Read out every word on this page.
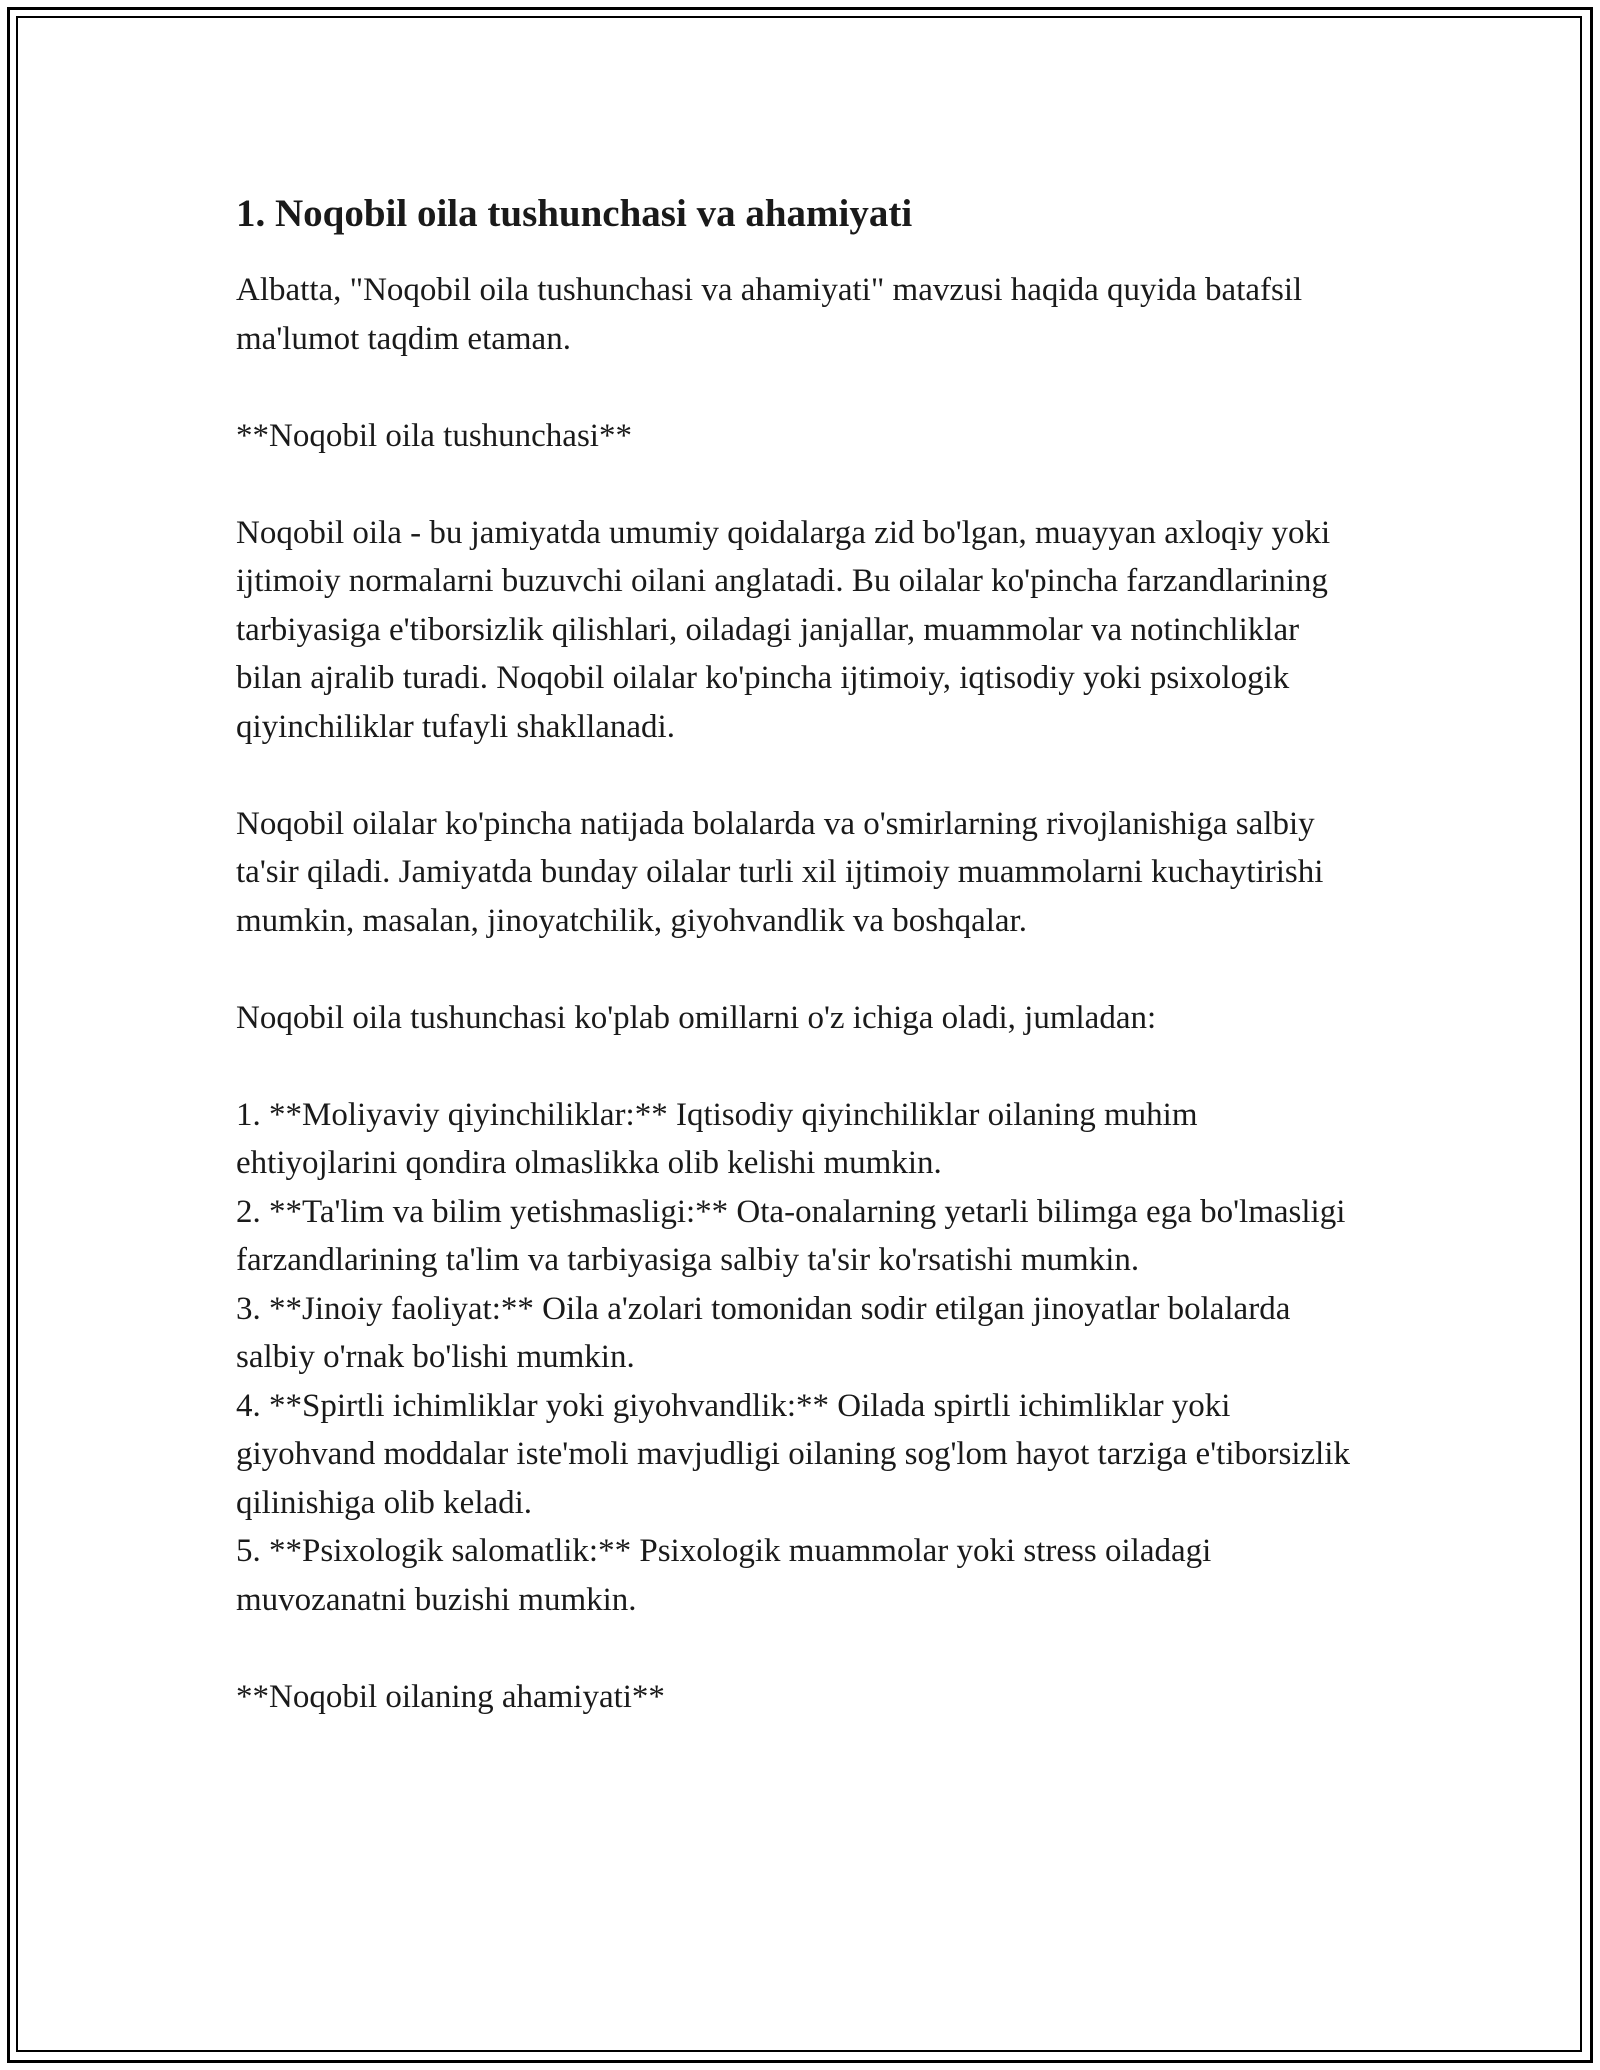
1. Noqobil oila tushunchasi va ahamiyati

Albatta, "Noqobil oila tushunchasi va ahamiyati" mavzusi haqida quyida batafsil ma'lumot taqdim etaman.

**Noqobil oila tushunchasi**

Noqobil oila - bu jamiyatda umumiy qoidalarga zid bo'lgan, muayyan axloqiy yoki ijtimoiy normalarni buzuvchi oilani anglatadi. Bu oilalar ko'pincha farzandlarining tarbiyasiga e'tiborsizlik qilishlari, oiladagi janjallar, muammolar va notinchliklar bilan ajralib turadi. Noqobil oilalar ko'pincha ijtimoiy, iqtisodiy yoki psixologik qiyinchiliklar tufayli shakllanadi.

Noqobil oilalar ko'pincha natijada bolalarda va o'smirlarning rivojlanishiga salbiy ta'sir qiladi. Jamiyatda bunday oilalar turli xil ijtimoiy muammolarni kuchaytirishi mumkin, masalan, jinoyatchilik, giyohvandlik va boshqalar.

Noqobil oila tushunchasi ko'plab omillarni o'z ichiga oladi, jumladan:

1. **Moliyaviy qiyinchiliklar:** Iqtisodiy qiyinchiliklar oilaning muhim ehtiyojlarini qondira olmaslikka olib kelishi mumkin.
2. **Ta'lim va bilim yetishmasligi:** Ota-onalarning yetarli bilimga ega bo'lmasligi farzandlarining ta'lim va tarbiyasiga salbiy ta'sir ko'rsatishi mumkin.
3. **Jinoiy faoliyat:** Oila a'zolari tomonidan sodir etilgan jinoyatlar bolalarda salbiy o'rnak bo'lishi mumkin.
4. **Spirtli ichimliklar yoki giyohvandlik:** Oilada spirtli ichimliklar yoki giyohvand moddalar iste'moli mavjudligi oilaning sog'lom hayot tarziga e'tiborsizlik qilinishiga olib keladi.
5. **Psixologik salomatlik:** Psixologik muammolar yoki stress oiladagi muvozanatni buzishi mumkin.

**Noqobil oilaning ahamiyati**
